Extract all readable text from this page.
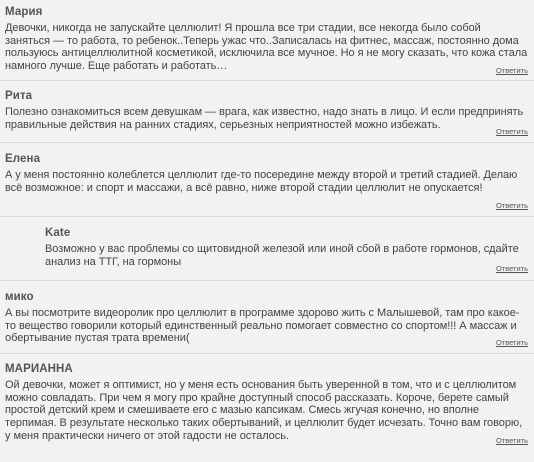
Мария
Девочки, никогда не запускайте целлюлит! Я прошла все три стадии, все некогда было собой заняться — то работа, то ребенок..Теперь ужас что..Записалась на фитнес, массаж, постоянно дома пользуюсь антицеллюлитной косметикой, исключила все мучное. Но я не могу сказать, что кожа стала намного лучше. Еще работать и работать…	Ответить
Рита
Полезно ознакомиться всем девушкам — врага, как известно, надо знать в лицо. И если предпринять правильные действия на ранних стадиях, серьезных неприятностей можно избежать.
Ответить
Елена
А у меня постоянно колеблется целлюлит где-то посередине между второй и третий стадией. Делаю всё возможное: и спорт и массажи, а всё равно, ниже второй стадии целлюлит не опускается!
Ответить
Kate
Возможно у вас проблемы со щитовидной железой или иной сбой в работе гормонов, сдайте анализ на ТТГ, на гормоны
Ответить
мико
А вы посмотрите видеоролик про целлюлит в программе здорово жить с Малышевой, там про какое-то вещество говорили который единственный реально помогает совместно со спортом!!! А массаж и обертывание пустая трата времени(	Ответить
МАРИАННА
Ой девочки, может я оптимист, но у меня есть основания быть уверенной в том, что и с целлюлитом можно совладать. При чем я могу про крайне доступный способ рассказать. Короче, берете самый простой детский крем и смешиваете его с мазью капсикам. Смесь жгучая конечно, но вполне терпимая. В результате несколько таких обертываний, и целлюлит будет исчезать. Точно вам говорю, у меня практически ничего от этой гадости не осталось.	Ответить
